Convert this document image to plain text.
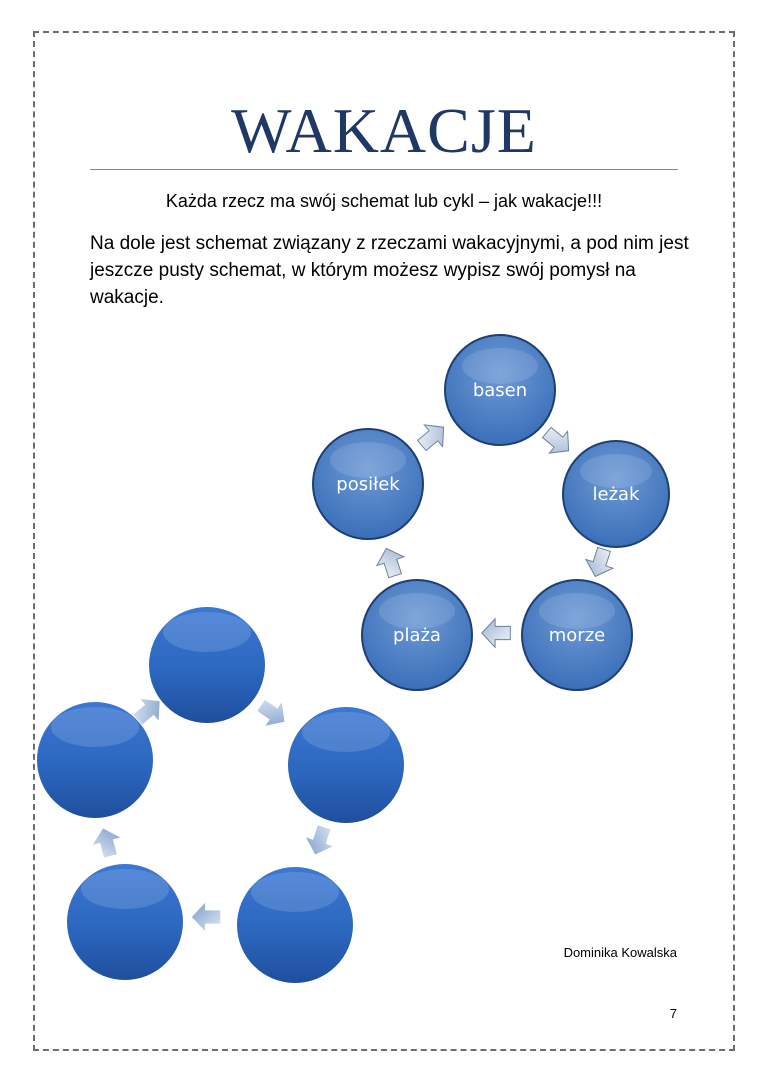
WAKACJE
Każda rzecz ma swój schemat lub cykl – jak wakacje!!!
Na dole jest schemat związany z rzeczami wakacyjnymi, a pod nim jest jeszcze pusty schemat, w którym możesz wypisz swój pomysł na wakacje.
basen
leżak
morze
plaża
posiłek
Dominika Kowalska
7
